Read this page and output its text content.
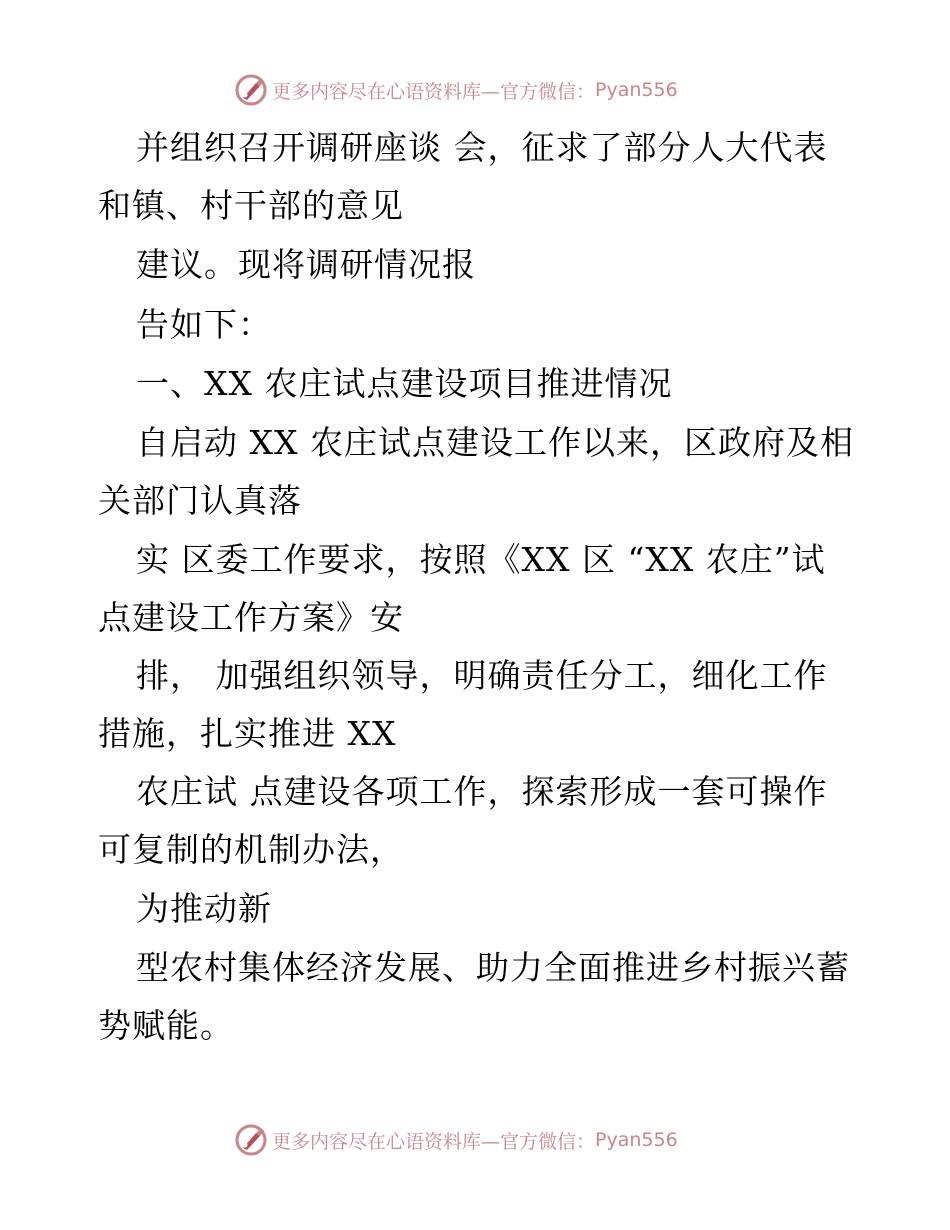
更多内容尽在心语资料库—官方微信： Pyan556
并组织召开调研座谈 会，征求了部分人大代表
和镇、村干部的意见
建议。现将调研情况报
告如下：
一、XX 农庄试点建设项目推进情况
自启动 XX 农庄试点建设工作以来，区政府及相
关部门认真落
实 区委工作要求，按照《XX 区 “XX 农庄”试
点建设工作方案》安
排， 加强组织领导，明确责任分工，细化工作
措施，扎实推进 XX
农庄试 点建设各项工作，探索形成一套可操作
可复制的机制办法，
为推动新
型农村集体经济发展、助力全面推进乡村振兴蓄
势赋能。
更多内容尽在心语资料库—官方微信： Pyan556
